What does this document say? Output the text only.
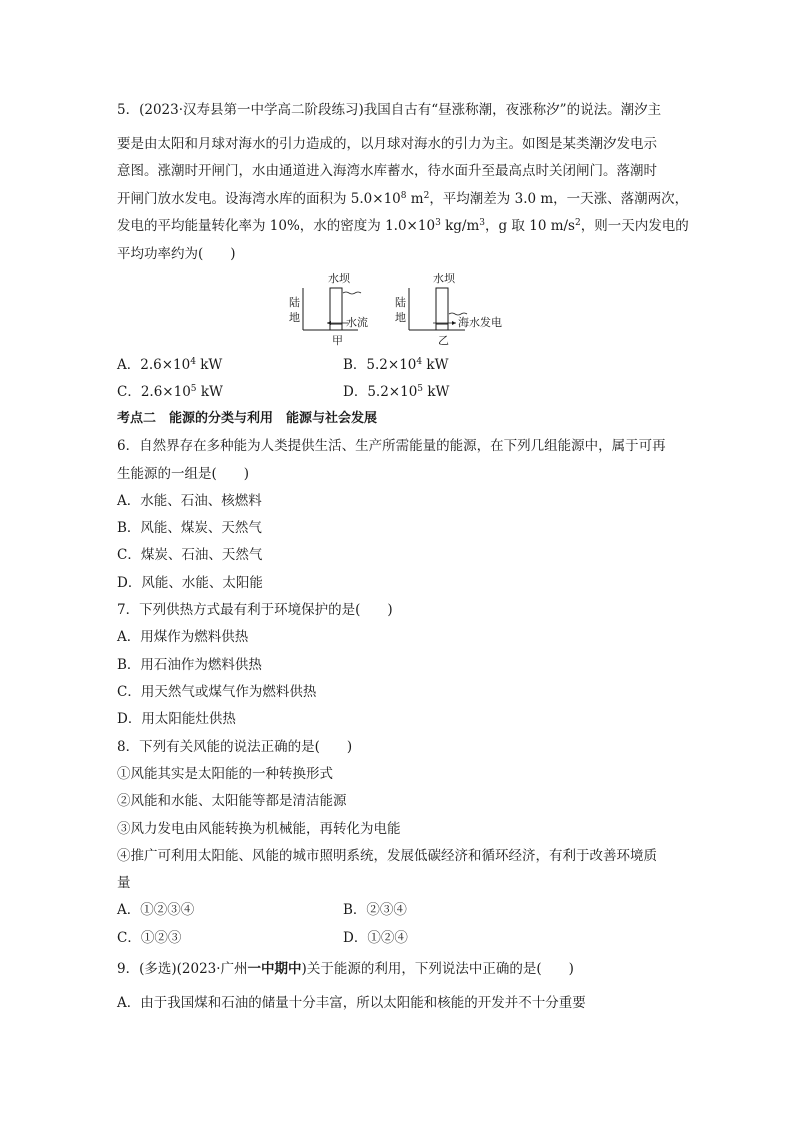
5．(2023·汉寿县第一中学高二阶段练习)我国自古有“昼涨称潮，夜涨称汐”的说法。潮汐主
要是由太阳和月球对海水的引力造成的，以月球对海水的引力为主。如图是某类潮汐发电示
意图。涨潮时开闸门，水由通道进入海湾水库蓄水，待水面升至最高点时关闭闸门。落潮时
开闸门放水发电。设海湾水库的面积为 $5.0\times 10^8$ $m^2$，平均潮差为 3.0 m，一天涨、落潮两次，
发电的平均能量转化率为 10%，水的密度为 $1.0\times 10^3$ $kg/m^3$，g 取 10 $m/s^2$，则一天内发电的
平均功率约为(　　)
水坝
陆
地	水流
甲
水坝
陆
地	海水发电
乙
A．$2.6\times 10^4$ kW	B．$5.2\times 10^4$ kW
C．$2.6\times 10^5$ kW	D．$5.2\times 10^5$ kW
考点二　能源的分类与利用　能源与社会发展
6．自然界存在多种能为人类提供生活、生产所需能量的能源，在下列几组能源中，属于可再
生能源的一组是(　　)
A．水能、石油、核燃料
B．风能、煤炭、天然气
C．煤炭、石油、天然气
D．风能、水能、太阳能
7．下列供热方式最有利于环境保护的是(　　)
A．用煤作为燃料供热
B．用石油作为燃料供热
C．用天然气或煤气作为燃料供热
D．用太阳能灶供热
8．下列有关风能的说法正确的是(　　)
①风能其实是太阳能的一种转换形式
②风能和水能、太阳能等都是清洁能源
③风力发电由风能转换为机械能，再转化为电能
④推广可利用太阳能、风能的城市照明系统，发展低碳经济和循环经济，有利于改善环境质
量
A．①②③④	B．②③④
C．①②③	D．①②④
9．(多选)(2023·广州一中期中)关于能源的利用，下列说法中正确的是(　　)
A．由于我国煤和石油的储量十分丰富，所以太阳能和核能的开发并不十分重要
